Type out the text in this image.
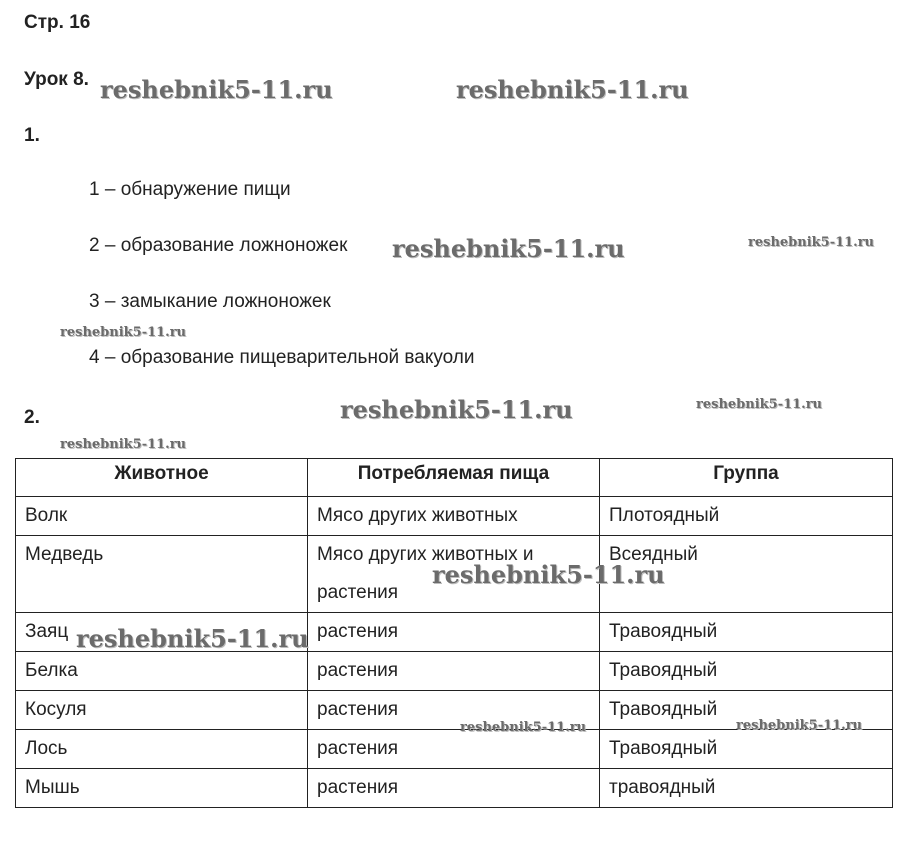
Стр. 16
Урок 8.
1.
1 – обнаружение пищи
2 – образование ложноножек
3 – замыкание ложноножек
4 – образование пищеварительной вакуоли
2.
Животное	Потребляемая пища	Группа
Волк	Мясо других животных	Плотоядный
Медведь	Мясо других животных и растения	Всеядный
Заяц	растения	Травоядный
Белка	растения	Травоядный
Косуля	растения	Травоядный
Лось	растения	Травоядный
Мышь	растения	травоядный
reshebnik5-11.ru	reshebnik5-11.ru
reshebnik5-11.ru	reshebnik5-11.ru
reshebnik5-11.ru
reshebnik5-11.ru	reshebnik5-11.ru
reshebnik5-11.ru
reshebnik5-11.ru
reshebnik5-11.ru
reshebnik5-11.ru	reshebnik5-11.ru
